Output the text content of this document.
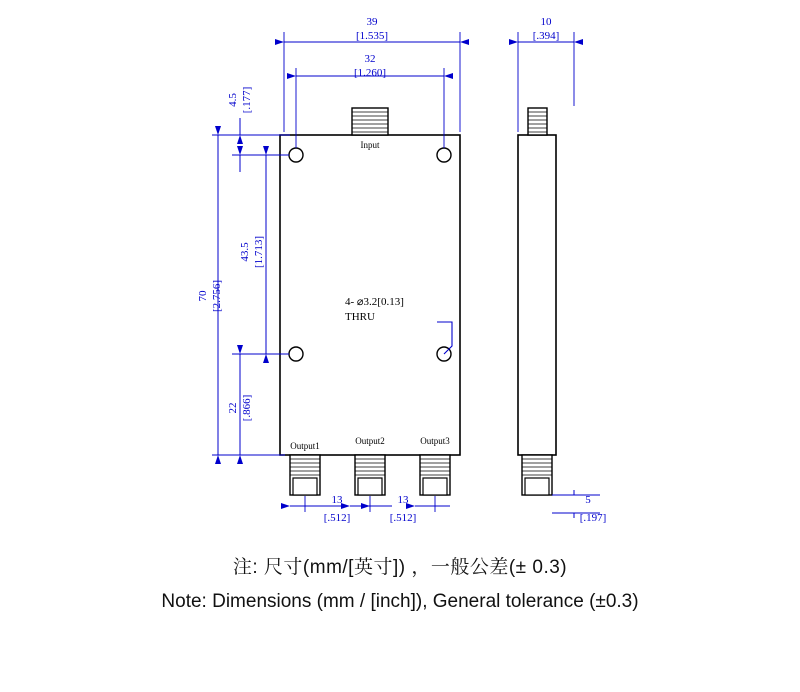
Input
4- ⌀3.2[0.13]
THRU
Output1	Output2	Output3
39
[1.535]
32
[1.260]
70 [2.756]
4.5 [.177]
43.5 [1.713]
22 [.866]
13
[.512]
13
[.512]
10
[.394]
5
[.197]
注: 尺寸(mm/[英寸]) ，一般公差(± 0.3)
Note: Dimensions (mm / [inch]), General tolerance (±0.3)
